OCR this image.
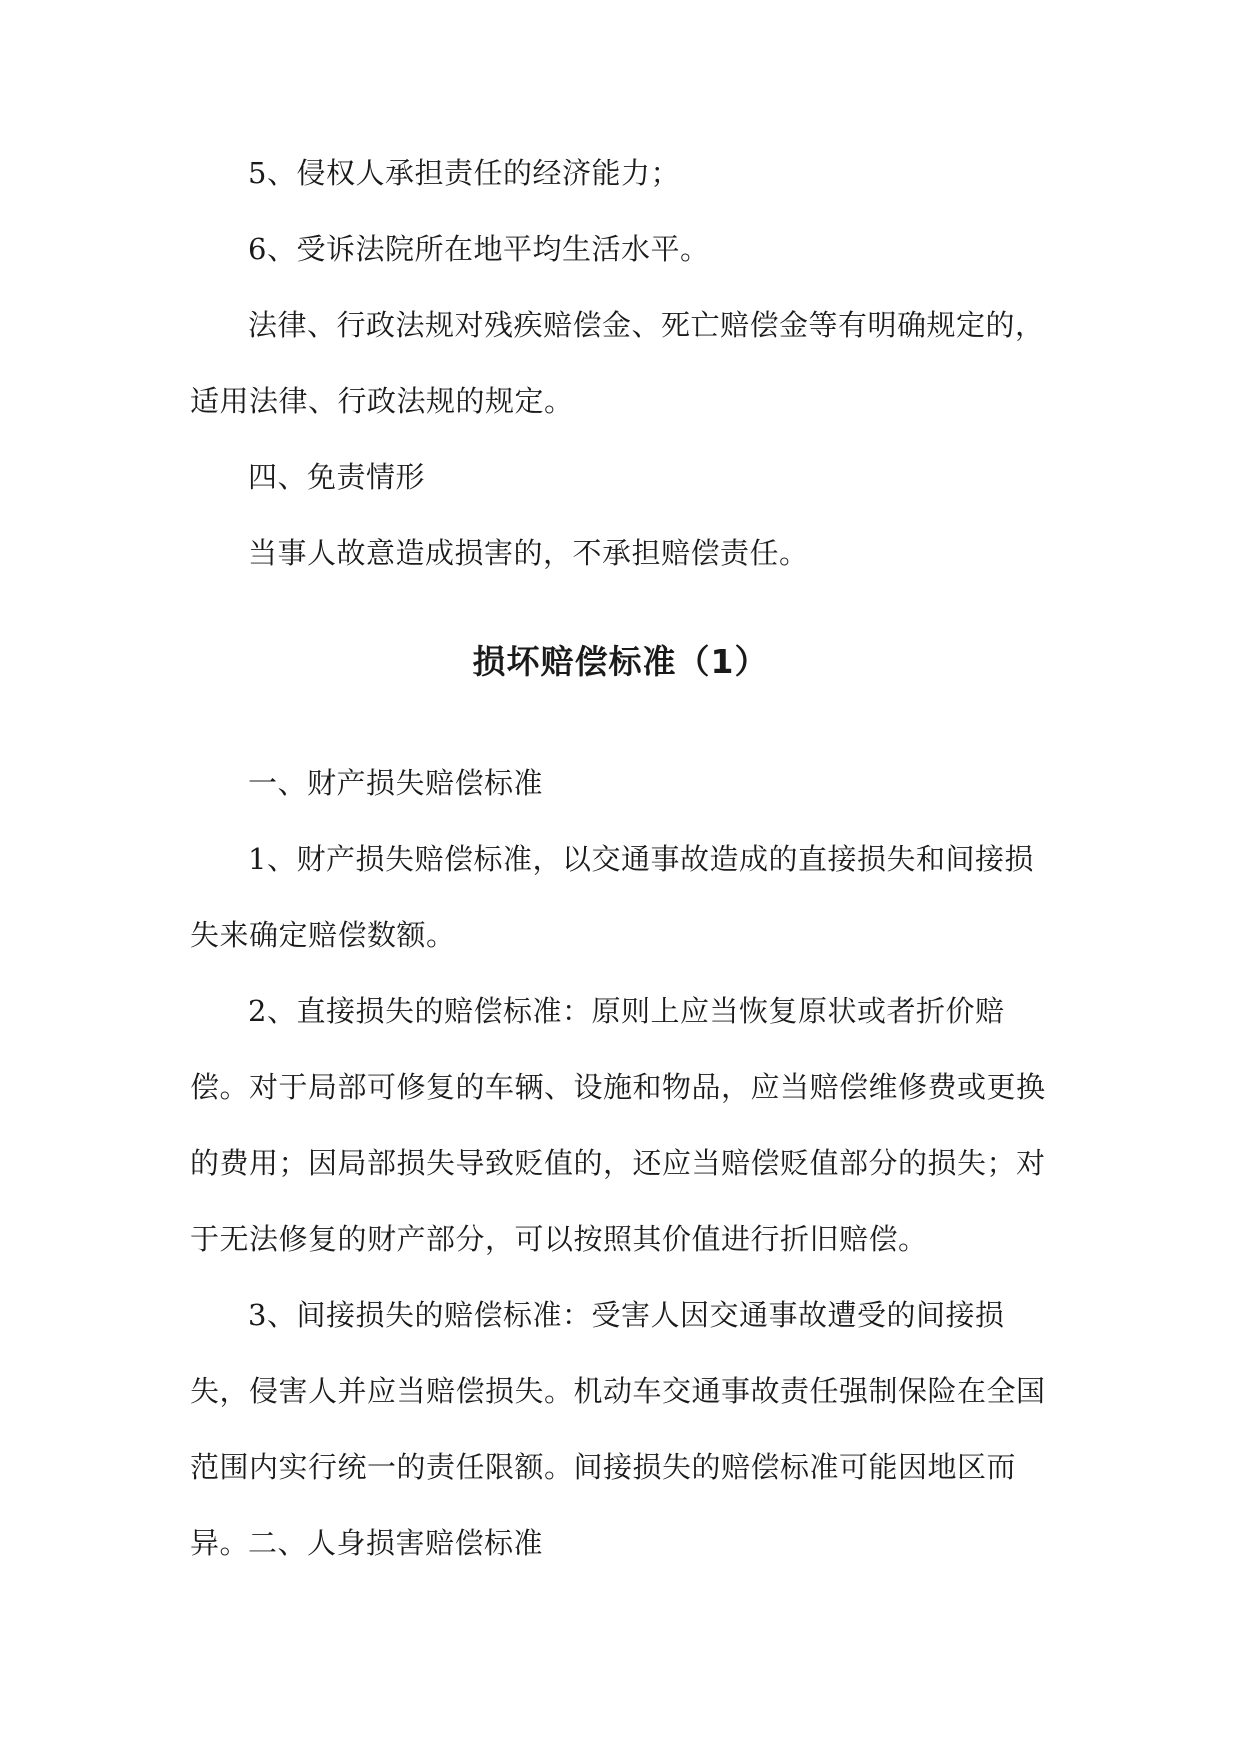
5、侵权人承担责任的经济能力；

6、受诉法院所在地平均生活水平。

法律、行政法规对残疾赔偿金、死亡赔偿金等有明确规定的，适用法律、行政法规的规定。

四、免责情形

当事人故意造成损害的，不承担赔偿责任。

损坏赔偿标准（1）

一、财产损失赔偿标准

1、财产损失赔偿标准，以交通事故造成的直接损失和间接损失来确定赔偿数额。

2、直接损失的赔偿标准：原则上应当恢复原状或者折价赔偿。对于局部可修复的车辆、设施和物品，应当赔偿维修费或更换的费用；因局部损失导致贬值的，还应当赔偿贬值部分的损失；对于无法修复的财产部分，可以按照其价值进行折旧赔偿。

3、间接损失的赔偿标准：受害人因交通事故遭受的间接损失，侵害人并应当赔偿损失。机动车交通事故责任强制保险在全国范围内实行统一的责任限额。间接损失的赔偿标准可能因地区而异。

二、人身损害赔偿标准
